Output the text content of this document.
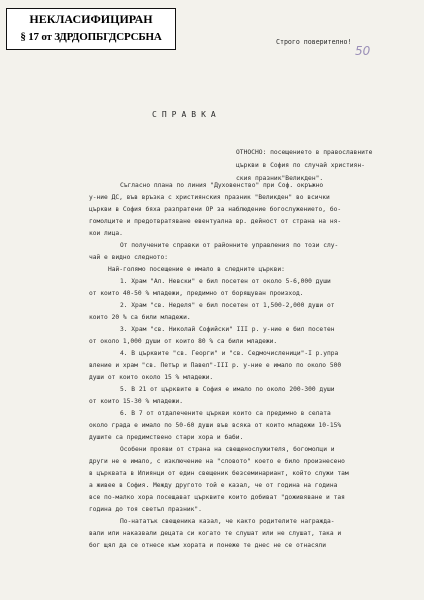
НЕКЛАСИФИЦИРАН
§ 17 от ЗДРДОПБГДСРСБНА	Строго поверително!
50
СПРАВКА
ОТНОСНО: посещението в православните
църкви в София по случай християн-
ския празник"Великден".
Съгласно плана по линия "Духовенство" при Соф. окръжно
у-ние ДС, във връзка с християнския празник "Великден" во всички
църкви в София бяха разпратени ОР за наблюдение богослужението, бо-
гомолците и предотвратяване евентуална вр. дейност от страна на ня-
кои лица.
От получените справки от районните управления по този слу-
чай е видно следното:
Най-голямо посещение е имало в следните църкви:
1. Храм "Ал. Невски" е бил посетен от около 5-6,000 души
от които 40-50 % младежи, предимно от борящуван произход.
2. Храм "св. Неделя" е бил посетен от 1,500-2,000 души от
които 20 % са били младежи.
3. Храм "св. Николай Софийски" III р. у-ние е бил посетен
от около 1,000 души от които 80 % са били младежи.
4. В църквите "св. Георги" и "св. Седмочисленици"-I р.упра
вление и храм "св. Петър и Павел"-III р. у-ние е имало по около 500
души от които около 15 % младежи.
5. В 21 от църквите в София е имало по около 200-300 души
от които 15-30 % младежи.
6. В 7 от отдалечените църкви които са предимно в селата
около града е имало по 50-60 души във всяка от които младежи 10-15%
душите са предимствено стари хора и баби.
Особени прояви от страна на свещенослужителя, богомолци и
други не е имало, с изключение на "словото" което е било произнесено
в църквата в Илиянци от един свещеник безсеминариант, който служи там
а живее в София. Между другото той е казал, че от година на година
все по-малко хора посещават църквите които добиват "доживяване и тая
година до тоя светъл празник".
По-нататък свещеника казал, че както родителите награжда-
вали или наказвали децата си когато те слушат или не слушат, така и
бог щял да се отнесе към хората и понеже те днес не се отнасяли
